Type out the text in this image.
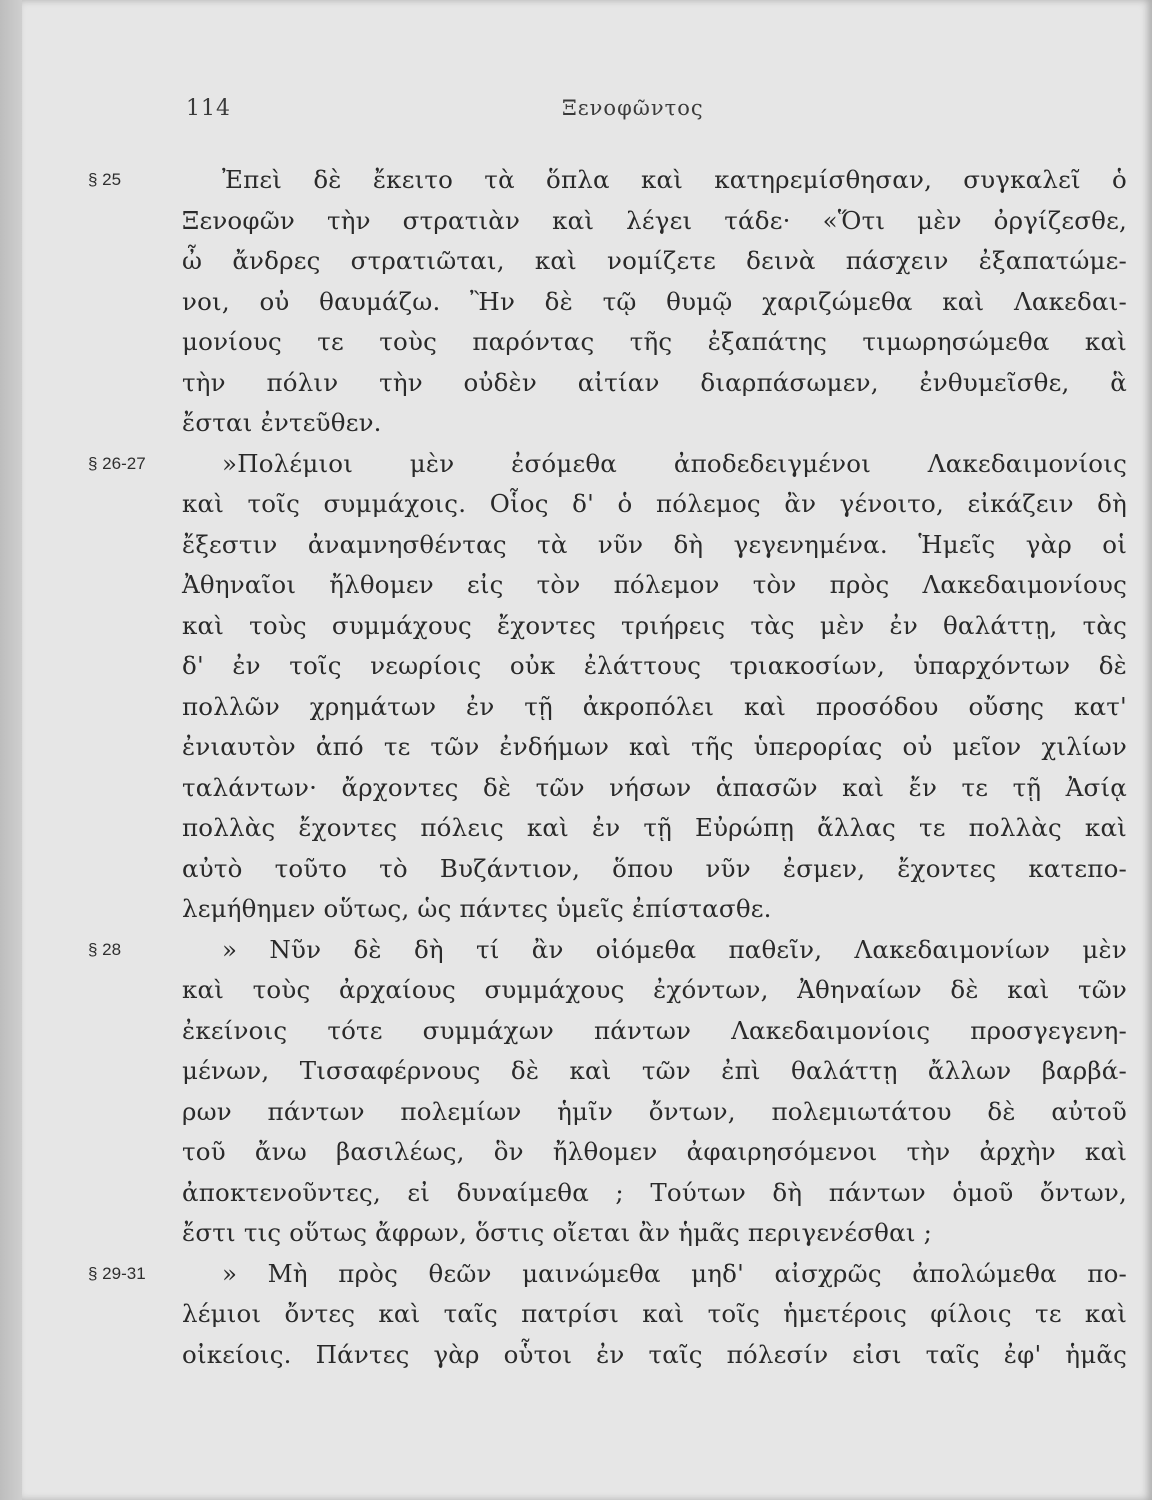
114	Ξενοφῶντος
§ 25	Ἐπεὶ δὲ ἔκειτο τὰ ὅπλα καὶ κατηρεμίσθησαν, συγκαλεῖ ὁ
Ξενοφῶν τὴν στρατιὰν καὶ λέγει τάδε· «Ὅτι μὲν ὀργίζεσθε,
ὦ ἄνδρες στρατιῶται, καὶ νομίζετε δεινὰ πάσχειν ἐξαπατώμε-
νοι, οὐ θαυμάζω. Ἢν δὲ τῷ θυμῷ χαριζώμεθα καὶ Λακεδαι-
μονίους τε τοὺς παρόντας τῆς ἐξαπάτης τιμωρησώμεθα καὶ
τὴν πόλιν τὴν οὐδὲν αἰτίαν διαρπάσωμεν, ἐνθυμεῖσθε, ἃ
ἔσται ἐντεῦθεν.
§ 26-27	»Πολέμιοι μὲν ἐσόμεθα ἀποδεδειγμένοι Λακεδαιμονίοις
καὶ τοῖς συμμάχοις. Οἷος δ' ὁ πόλεμος ἂν γένοιτο, εἰκάζειν δὴ
ἔξεστιν ἀναμνησθέντας τὰ νῦν δὴ γεγενημένα. Ἡμεῖς γὰρ οἱ
Ἀθηναῖοι ἤλθομεν εἰς τὸν πόλεμον τὸν πρὸς Λακεδαιμονίους
καὶ τοὺς συμμάχους ἔχοντες τριήρεις τὰς μὲν ἐν θαλάττῃ, τὰς
δ' ἐν τοῖς νεωρίοις οὐκ ἐλάττους τριακοσίων, ὑπαρχόντων δὲ
πολλῶν χρημάτων ἐν τῇ ἀκροπόλει καὶ προσόδου οὔσης κατ'
ἐνιαυτὸν ἀπό τε τῶν ἐνδήμων καὶ τῆς ὑπερορίας οὐ μεῖον χιλίων
ταλάντων· ἄρχοντες δὲ τῶν νήσων ἁπασῶν καὶ ἔν τε τῇ Ἀσίᾳ
πολλὰς ἔχοντες πόλεις καὶ ἐν τῇ Εὐρώπῃ ἄλλας τε πολλὰς καὶ
αὐτὸ τοῦτο τὸ Βυζάντιον, ὅπου νῦν ἐσμεν, ἔχοντες κατεπο-
λεμήθημεν οὕτως, ὡς πάντες ὑμεῖς ἐπίστασθε.
§ 28	» Νῦν δὲ δὴ τί ἂν οἰόμεθα παθεῖν, Λακεδαιμονίων μὲν
καὶ τοὺς ἀρχαίους συμμάχους ἐχόντων, Ἀθηναίων δὲ καὶ τῶν
ἐκείνοις τότε συμμάχων πάντων Λακεδαιμονίοις προσγεγενη-
μένων, Τισσαφέρνους δὲ καὶ τῶν ἐπὶ θαλάττῃ ἄλλων βαρβά-
ρων πάντων πολεμίων ἡμῖν ὄντων, πολεμιωτάτου δὲ αὐτοῦ
τοῦ ἄνω βασιλέως, ὃν ἤλθομεν ἀφαιρησόμενοι τὴν ἀρχὴν καὶ
ἀποκτενοῦντες, εἰ δυναίμεθα ; Τούτων δὴ πάντων ὁμοῦ ὄντων,
ἔστι τις οὕτως ἄφρων, ὅστις οἴεται ἂν ἡμᾶς περιγενέσθαι ;
§ 29-31	» Μὴ πρὸς θεῶν μαινώμεθα μηδ' αἰσχρῶς ἀπολώμεθα πο-
λέμιοι ὄντες καὶ ταῖς πατρίσι καὶ τοῖς ἡμετέροις φίλοις τε καὶ
οἰκείοις. Πάντες γὰρ οὗτοι ἐν ταῖς πόλεσίν εἰσι ταῖς ἐφ' ἡμᾶς
